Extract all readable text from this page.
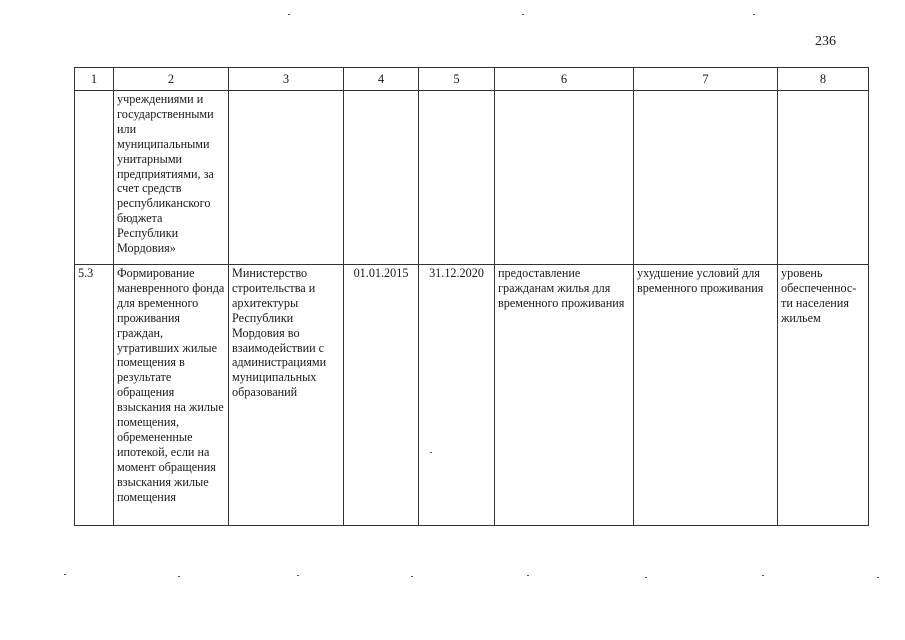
236
1	2	3	4	5	6	7	8
	учреждениями и государственными или муниципальными унитарными предприятиями, за счет средств республиканского бюджета Республики Мордовия»						
5.3	Формирование маневренного фонда для временного проживания граждан, утративших жилые помещения в результате обращения взыскания на жилые помещения, обремененные ипотекой, если на момент обращения взыскания жилые помещения	Министерство строительства и архитектуры Республики Мордовия во взаимодействии с администрациями муниципальных образований	01.01.2015	31.12.2020	предоставление гражданам жилья для временного проживания	ухудшение условий для временного проживания	уровень обеспеченнос-ти населения жильем
